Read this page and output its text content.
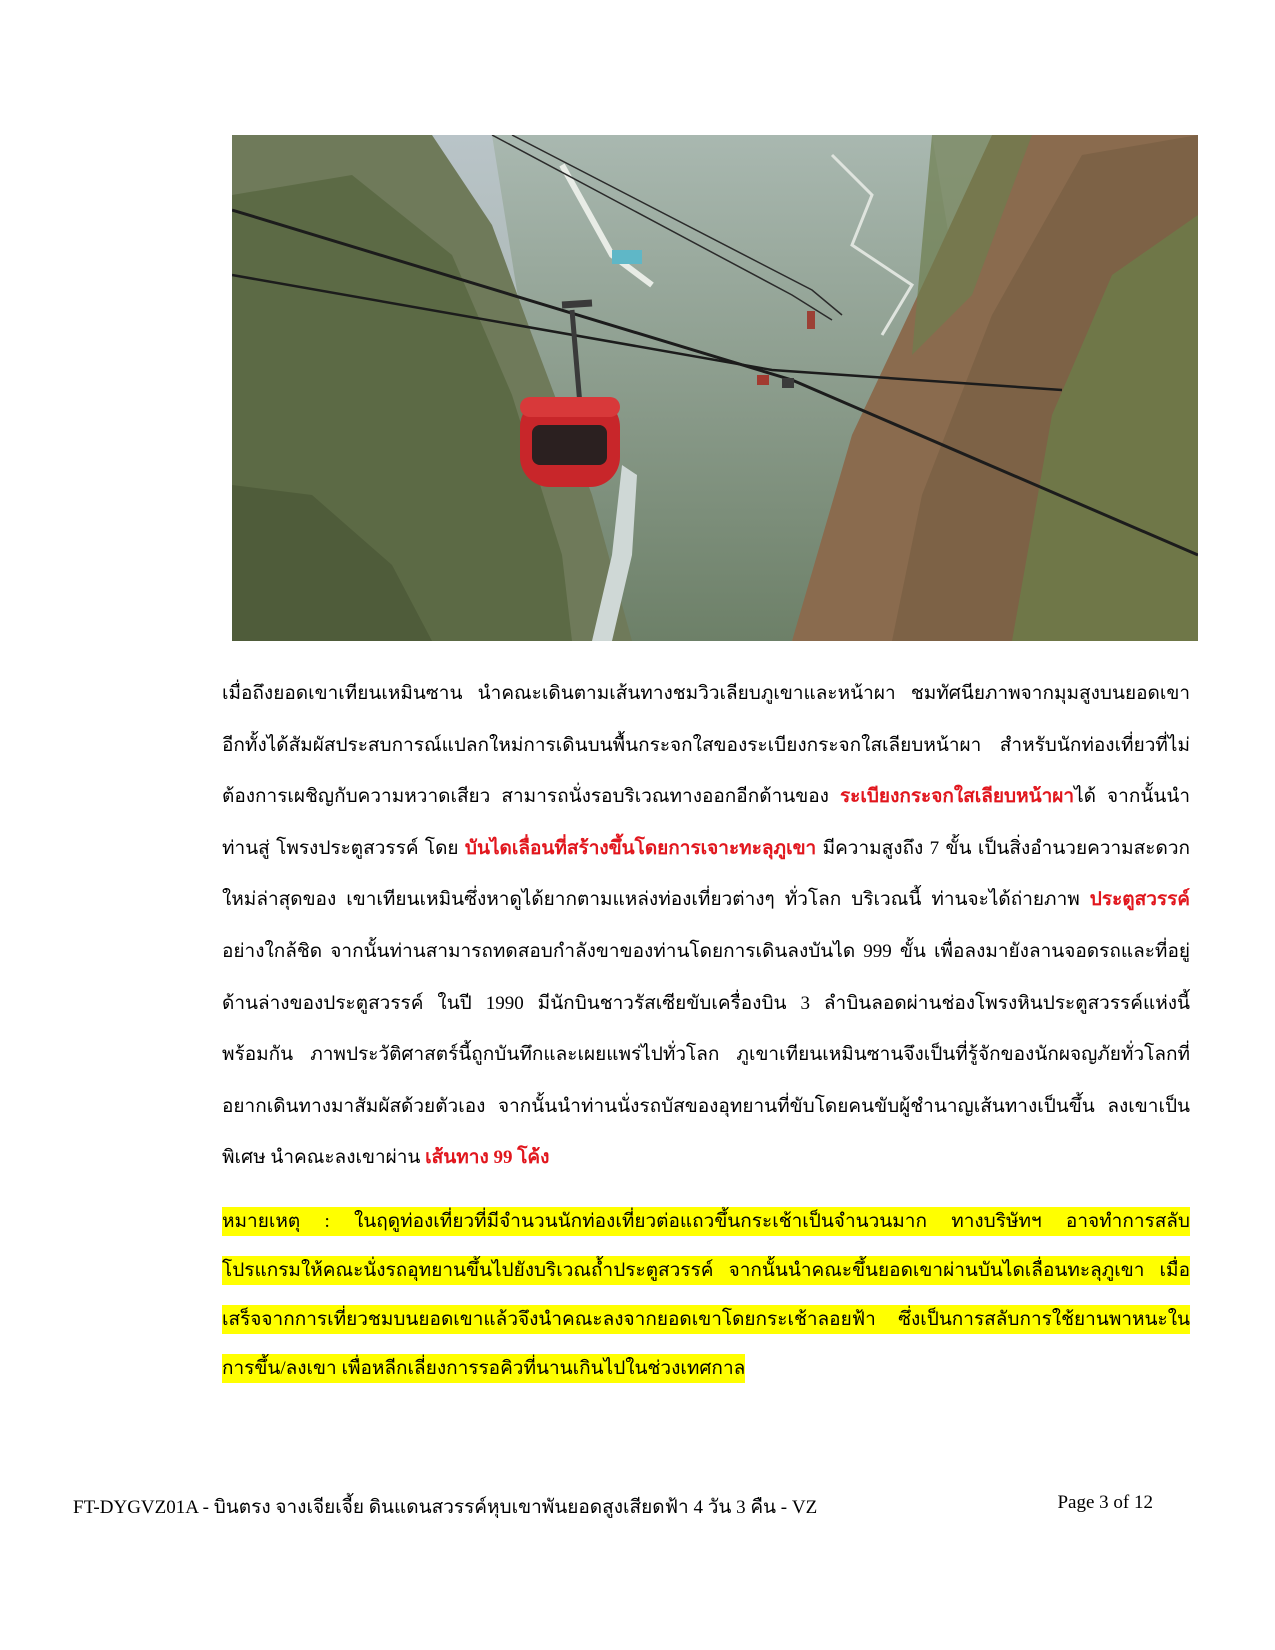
เมื่อถึงยอดเขาเทียนเหมินซาน นำคณะเดินตามเส้นทางชมวิวเลียบภูเขาและหน้าผา ชมทัศนียภาพจากมุมสูงบนยอดเขา อีกทั้งได้สัมผัสประสบการณ์แปลกใหม่การเดินบนพื้นกระจกใสของระเบียงกระจกใสเลียบหน้าผา สำหรับนักท่องเที่ยวที่ไม่ต้องการเผชิญกับความหวาดเสียว สามารถนั่งรอบริเวณทางออกอีกด้านของ ระเบียงกระจกใสเลียบหน้าผาได้ จากนั้นนำท่านสู่ โพรงประตูสวรรค์ โดย บันไดเลื่อนที่สร้างขึ้นโดยการเจาะทะลุภูเขา มีความสูงถึง 7 ขั้น เป็นสิ่งอำนวยความสะดวกใหม่ล่าสุดของ เขาเทียนเหมินซึ่งหาดูได้ยากตามแหล่งท่องเที่ยวต่างๆ ทั่วโลก บริเวณนี้ ท่านจะได้ถ่ายภาพ ประตูสวรรค์ อย่างใกล้ชิด จากนั้นท่านสามารถทดสอบกำลังขาของท่านโดยการเดินลงบันได 999 ขั้น เพื่อลงมายังลานจอดรถและที่อยู่ด้านล่างของประตูสวรรค์ ในปี 1990 มีนักบินชาวรัสเซียขับเครื่องบิน 3 ลำบินลอดผ่านช่องโพรงหินประตูสวรรค์แห่งนี้พร้อมกัน ภาพประวัติศาสตร์นี้ถูกบันทึกและเผยแพร่ไปทั่วโลก ภูเขาเทียนเหมินซานจึงเป็นที่รู้จักของนักผจญภัยทั่วโลกที่อยากเดินทางมาสัมผัสด้วยตัวเอง จากนั้นนำท่านนั่งรถบัสของอุทยานที่ขับโดยคนขับผู้ชำนาญเส้นทางเป็นขึ้น ลงเขาเป็นพิเศษ นำคณะลงเขาผ่าน เส้นทาง 99 โค้ง
หมายเหตุ : ในฤดูท่องเที่ยวที่มีจำนวนนักท่องเที่ยวต่อแถวขึ้นกระเช้าเป็นจำนวนมาก ทางบริษัทฯ อาจทำการสลับโปรแกรมให้คณะนั่งรถอุทยานขึ้นไปยังบริเวณถ้ำประตูสวรรค์ จากนั้นนำคณะขึ้นยอดเขาผ่านบันไดเลื่อนทะลุภูเขา เมื่อเสร็จจากการเที่ยวชมบนยอดเขาแล้วจึงนำคณะลงจากยอดเขาโดยกระเช้าลอยฟ้า ซึ่งเป็นการสลับการใช้ยานพาหนะในการขึ้น/ลงเขา เพื่อหลีกเลี่ยงการรอคิวที่นานเกินไปในช่วงเทศกาล
FT-DYGVZ01A - บินตรง จางเจียเจี้ย ดินแดนสวรรค์หุบเขาพันยอดสูงเสียดฟ้า 4 วัน 3 คืน - VZ	Page 3 of 12
